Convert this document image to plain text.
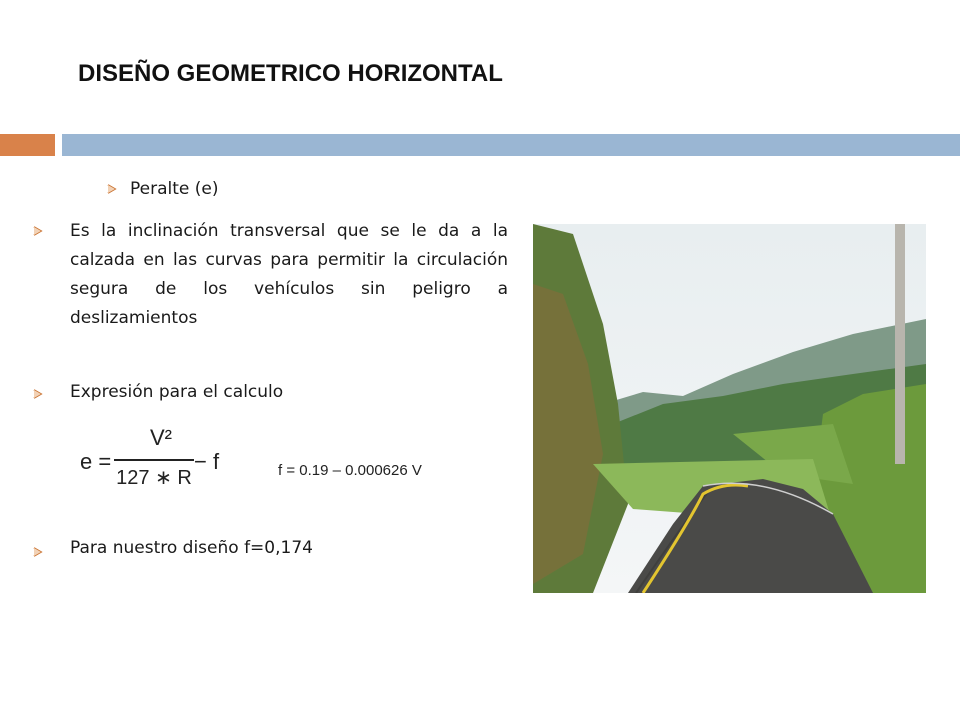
DISEÑO GEOMETRICO HORIZONTAL
Peralte (e)
Es la inclinación transversal que se le da a la calzada en las curvas para permitir la circulación segura de los vehículos sin peligro a deslizamientos
Expresión para el calculo
e =
V²
127 ∗ R
− f	f = 0.19 – 0.000626 V
Para nuestro diseño f=0,174
